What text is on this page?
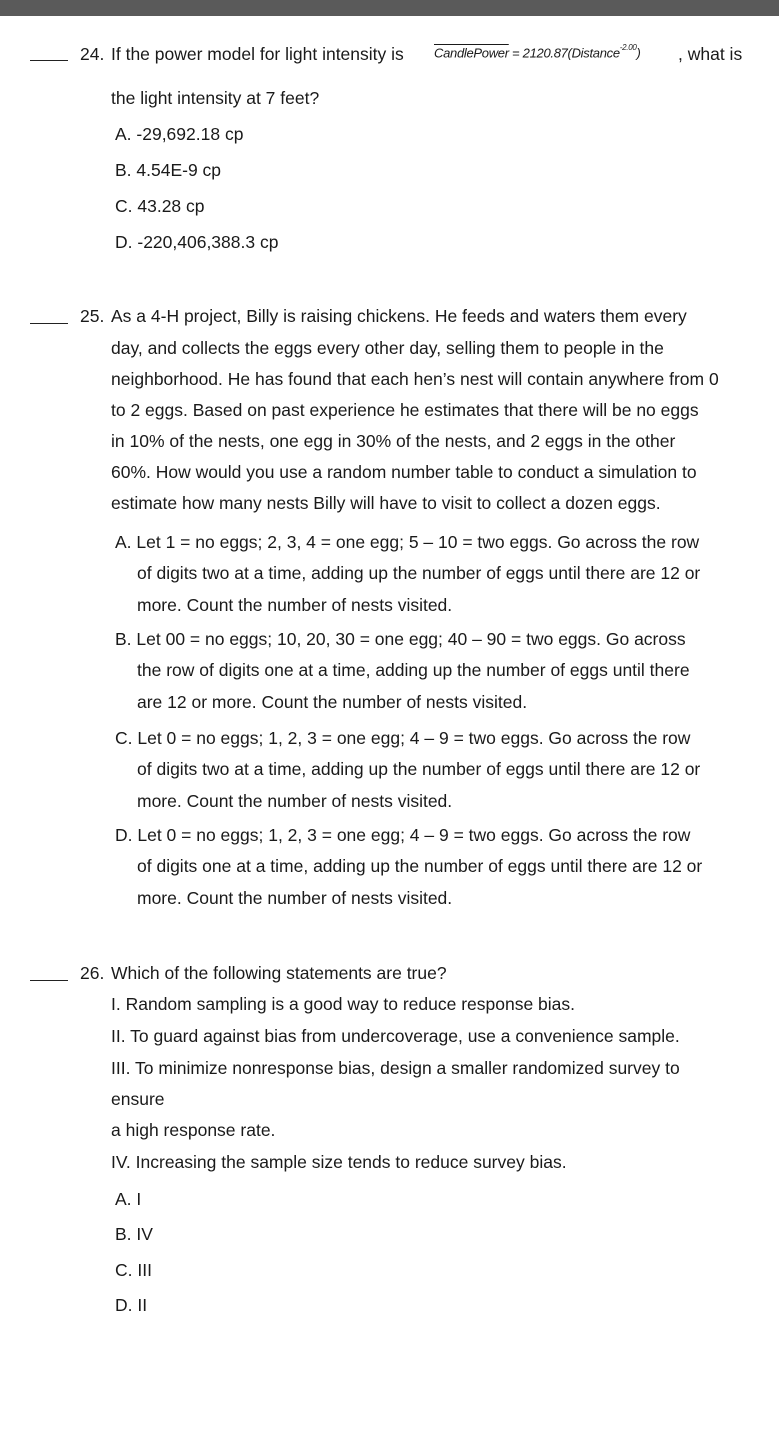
24. If the power model for light intensity is CandlePower = 2120.87(Distance$^{-2.00}$) , what is
the light intensity at 7 feet?
A. -29,692.18 cp
B. 4.54E-9 cp
C. 43.28 cp
D. -220,406,388.3 cp
25. As a 4-H project, Billy is raising chickens. He feeds and waters them every
day, and collects the eggs every other day, selling them to people in the
neighborhood. He has found that each hen’s nest will contain anywhere from 0
to 2 eggs. Based on past experience he estimates that there will be no eggs
in 10% of the nests, one egg in 30% of the nests, and 2 eggs in the other
60%. How would you use a random number table to conduct a simulation to
estimate how many nests Billy will have to visit to collect a dozen eggs.
A. Let 1 = no eggs; 2, 3, 4 = one egg; 5 – 10 = two eggs. Go across the row
of digits two at a time, adding up the number of eggs until there are 12 or
more. Count the number of nests visited.
B. Let 00 = no eggs; 10, 20, 30 = one egg; 40 – 90 = two eggs. Go across
the row of digits one at a time, adding up the number of eggs until there
are 12 or more. Count the number of nests visited.
C. Let 0 = no eggs; 1, 2, 3 = one egg; 4 – 9 = two eggs. Go across the row
of digits two at a time, adding up the number of eggs until there are 12 or
more. Count the number of nests visited.
D. Let 0 = no eggs; 1, 2, 3 = one egg; 4 – 9 = two eggs. Go across the row
of digits one at a time, adding up the number of eggs until there are 12 or
more. Count the number of nests visited.
26. Which of the following statements are true?
I. Random sampling is a good way to reduce response bias.
II. To guard against bias from undercoverage, use a convenience sample.
III. To minimize nonresponse bias, design a smaller randomized survey to
ensure
a high response rate.
IV. Increasing the sample size tends to reduce survey bias.
A. I
B. IV
C. III
D. II
